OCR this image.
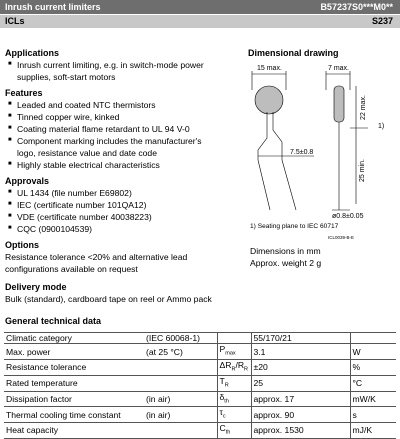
Inrush current limiters	B57237S0***M0**
ICLs	S237
Applications
■ Inrush current limiting, e.g. in switch-mode power
supplies, soft-start motors
Features
■ Leaded and coated NTC thermistors
■ Tinned copper wire, kinked
■ Coating material flame retardant to UL 94 V-0
■ Component marking includes the manufacturer's
logo, resistance value and date code
■ Highly stable electrical characteristics
Approvals
■ UL 1434 (file number E69802)
■ IEC (certificate number 101QA12)
■ VDE (certificate number 40038223)
■ CQC (0900104539)
Options
Resistance tolerance <20% and alternative lead
configurations available on request
Delivery mode
Bulk (standard), cardboard tape on reel or Ammo pack
Dimensional drawing
15 max.	7 max.
22 max.
1)
7.5±0.8
25 min.
ø0.8±0.05
1) Seating plane to IEC 60717
ICL0039-B-E
Dimensions in mm
Approx. weight 2 g
General technical data
Climatic category	(IEC 60068-1)		55/170/21	
Max. power	(at 25 °C)	$P_{max}$	3.1	W
Resistance tolerance		$\Delta R_R/R_R$	±20	%
Rated temperature		$T_R$	25	°C
Dissipation factor	(in air)	$\delta_{th}$	approx. 17	mW/K
Thermal cooling time constant	(in air)	$\tau_c$	approx. 90	s
Heat capacity		$C_{th}$	approx. 1530	mJ/K
